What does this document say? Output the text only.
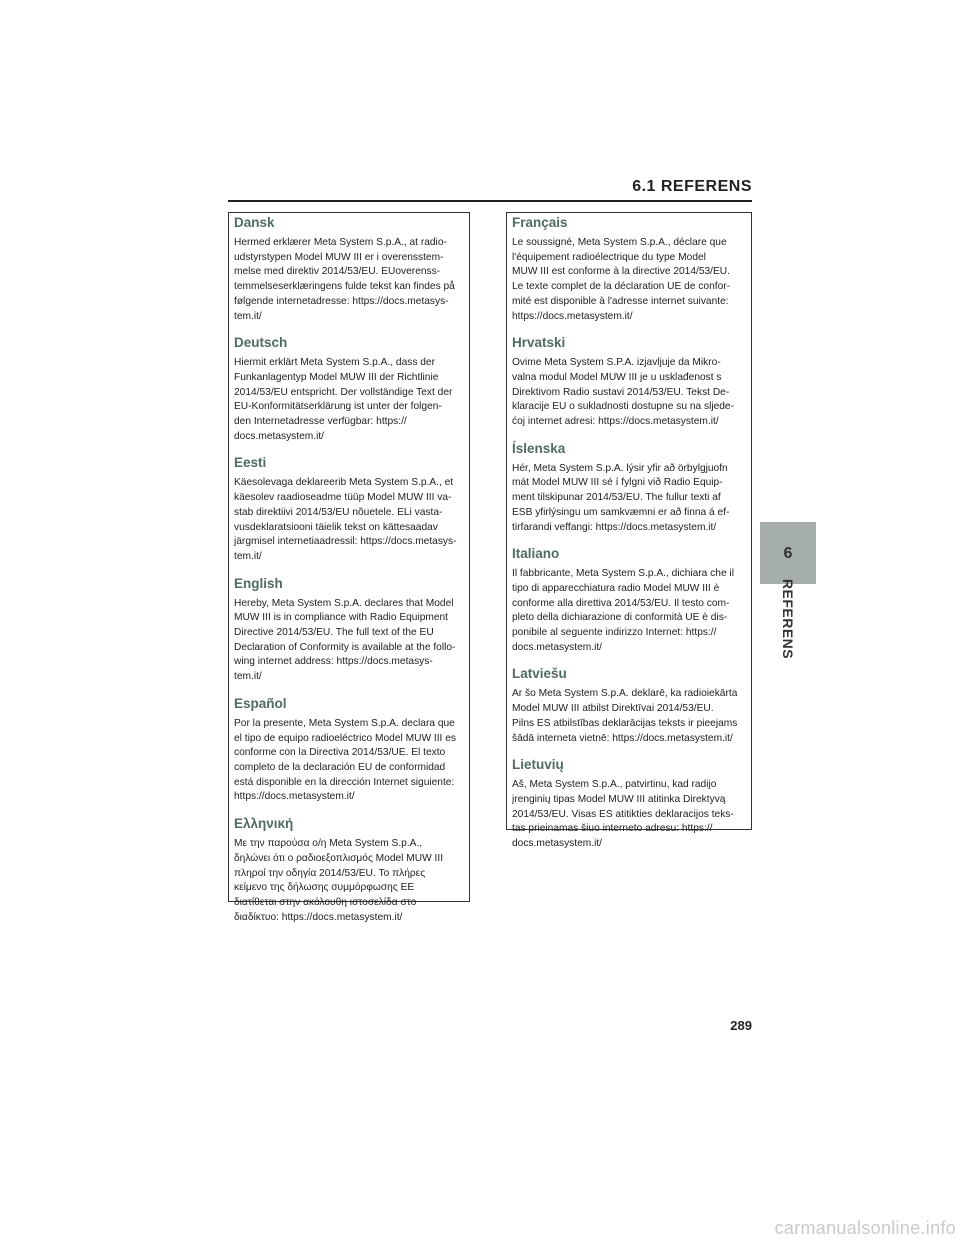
6.1 REFERENS
Dansk

Hermed erklærer Meta System S.p.A., at radio-
udstyrstypen Model MUW III er i overensstem-
melse med direktiv 2014/53/EU. EUoverenss-
temmelseserklæringens fulde tekst kan findes på
følgende internetadresse: https://docs.metasys-
tem.it/

Deutsch

Hiermit erklärt Meta System S.p.A., dass der
Funkanlagentyp Model MUW III der Richtlinie
2014/53/EU entspricht. Der vollständige Text der
EU-Konformitätserklärung ist unter der folgen-
den Internetadresse verfügbar: https://
docs.metasystem.it/

Eesti

Käesolevaga deklareerib Meta System S.p.A., et
käesolev raadioseadme tüüp Model MUW III va-
stab direktiivi 2014/53/EU nõuetele. ELi vasta-
vusdeklaratsiooni täielik tekst on kättesaadav
järgmisel internetiaadressil: https://docs.metasys-
tem.it/

English

Hereby, Meta System S.p.A. declares that Model
MUW III is in compliance with Radio Equipment
Directive 2014/53/EU. The full text of the EU
Declaration of Conformity is available at the follo-
wing internet address: https://docs.metasys-
tem.it/

Español

Por la presente, Meta System S.p.A. declara que
el tipo de equipo radioeléctrico Model MUW III es
conforme con la Directiva 2014/53/UE. El texto
completo de la declaración EU de conformidad
está disponible en la dirección Internet siguiente:
https://docs.metasystem.it/

Ελληνική

Με την παρούσα ο/η Meta System S.p.A.,
δηλώνει ότι ο ραδιοεξοπλισμός Model MUW III
πληροί την οδηγία 2014/53/EU. Το πλήρες
κείμενο της δήλωσης συμμόρφωσης ΕΕ
διατίθεται στην ακόλουθη ιστοσελίδα στο
διαδίκτυο: https://docs.metasystem.it/

Français

Le soussigné, Meta System S.p.A., déclare que
l'équipement radioélectrique du type Model
MUW III est conforme à la directive 2014/53/EU.
Le texte complet de la déclaration UE de confor-
mité est disponible à l'adresse internet suivante:
https://docs.metasystem.it/

Hrvatski

Ovime Meta System S.P.A. izjavljuje da Mikro-
valna modul Model MUW III je u usklađenost s
Direktivom Radio sustavi 2014/53/EU. Tekst De-
klaracije EU o sukladnosti dostupne su na sljede-
ćoj internet adresi: https://docs.metasystem.it/

Íslenska

Hér, Meta System S.p.A. lýsir yfir að örbylgjuofn
mát Model MUW III sé í fylgni við Radio Equip-
ment tilskipunar 2014/53/EU. The fullur texti af
ESB yfirlýsingu um samkvæmni er að finna á ef-
tirfarandi veffangi: https://docs.metasystem.it/

Italiano

Il fabbricante, Meta System S.p.A., dichiara che il
tipo di apparecchiatura radio Model MUW III è
conforme alla direttiva 2014/53/EU. Il testo com-
pleto della dichiarazione di conformità UE è dis-
ponibile al seguente indirizzo Internet: https://
docs.metasystem.it/

Latviešu

Ar šo Meta System S.p.A. deklarē, ka radioiekārta
Model MUW III atbilst Direktīvai 2014/53/EU.
Pilns ES atbilstības deklarācijas teksts ir pieejams
šādā interneta vietnē: https://docs.metasystem.it/

Lietuvių

Aš, Meta System S.p.A., patvirtinu, kad radijo
įrenginių tipas Model MUW III atitinka Direktyvą
2014/53/EU. Visas ES atitikties deklaracijos teks-
tas prieinamas šiuo interneto adresu: https://
docs.metasystem.it/

6
REFERENS
289
carmanualsonline.info
